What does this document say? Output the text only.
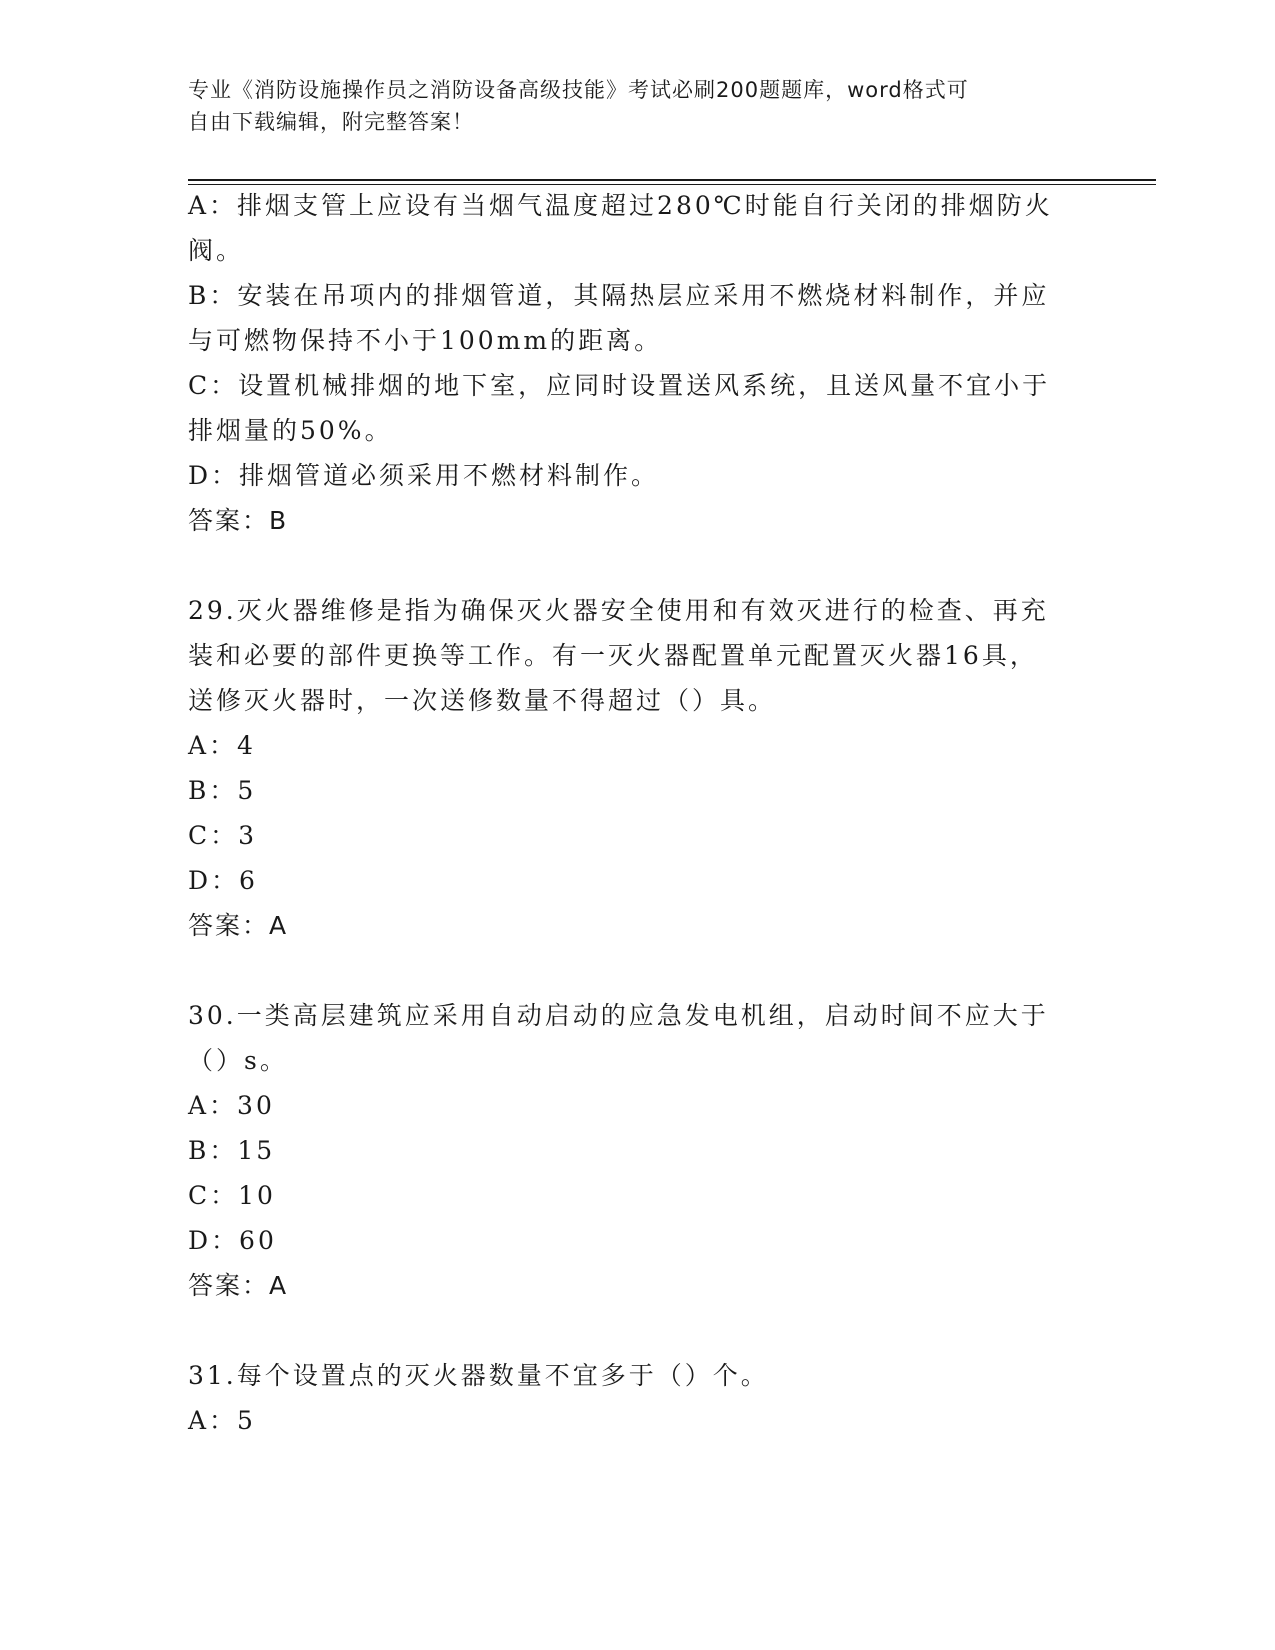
专业《消防设施操作员之消防设备高级技能》考试必刷200题题库，word格式可
自由下载编辑，附完整答案！
A：排烟支管上应设有当烟气温度超过280℃时能自行关闭的排烟防火
阀。
B：安装在吊项内的排烟管道，其隔热层应采用不燃烧材料制作，并应
与可燃物保持不小于100mm的距离。
C：设置机械排烟的地下室，应同时设置送风系统，且送风量不宜小于
排烟量的50%。
D：排烟管道必须采用不燃材料制作。
答案：B
29.灭火器维修是指为确保灭火器安全使用和有效灭进行的检查、再充
装和必要的部件更换等工作。有一灭火器配置单元配置灭火器16具，
送修灭火器时，一次送修数量不得超过（）具。
A：4
B：5
C：3
D：6
答案：A
30.一类高层建筑应采用自动启动的应急发电机组，启动时间不应大于
（）s。
A：30
B：15
C：10
D：60
答案：A
31.每个设置点的灭火器数量不宜多于（）个。
A：5
